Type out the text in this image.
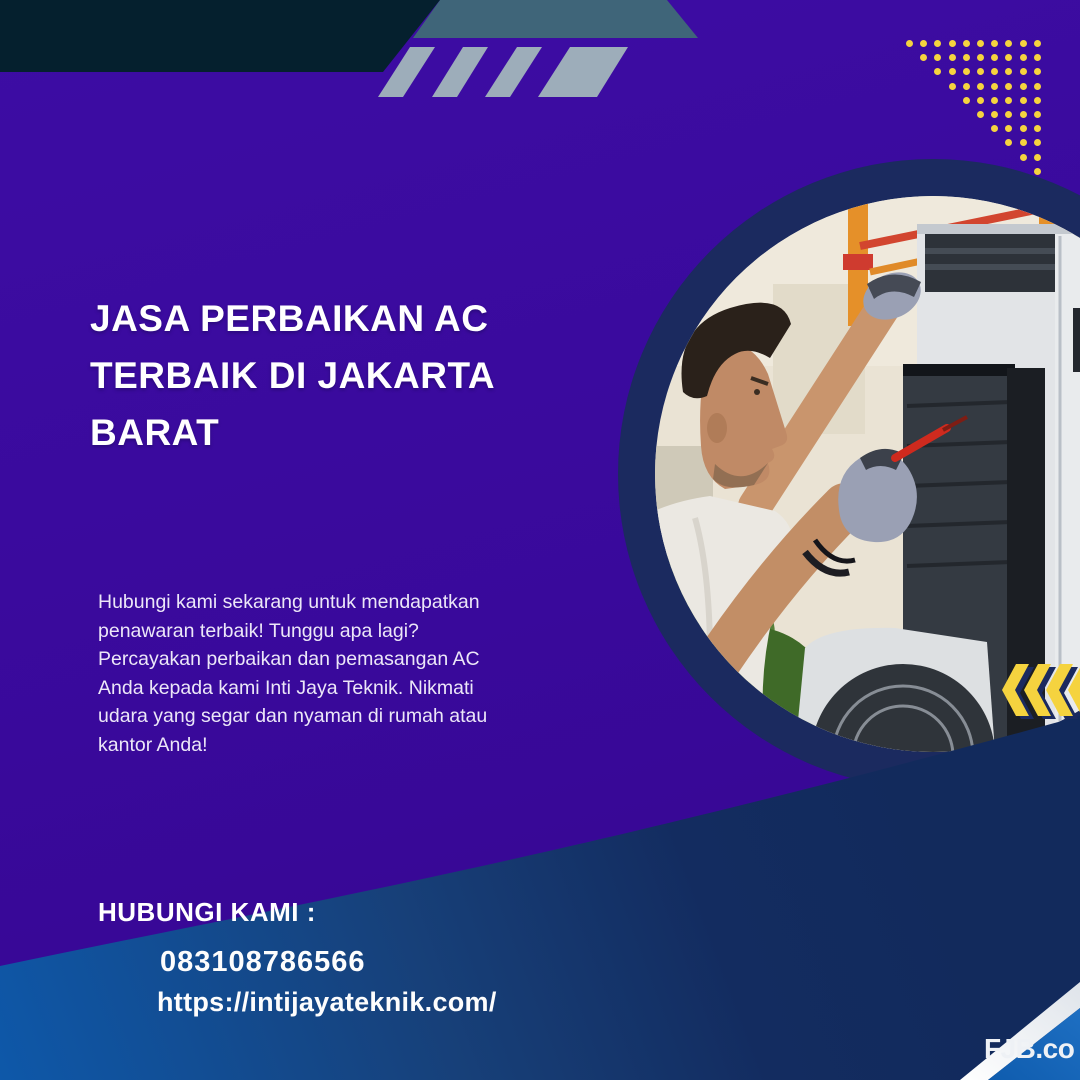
FJB.co
JASA PERBAIKAN AC
TERBAIK DI JAKARTA
BARAT

Hubungi kami sekarang untuk mendapatkan penawaran terbaik! Tunggu apa lagi? Percayakan perbaikan dan pemasangan AC Anda kepada kami Inti Jaya Teknik. Nikmati udara yang segar dan nyaman di rumah atau kantor Anda!

HUBUNGI KAMI :
083108786566
https://intijayateknik.com/
